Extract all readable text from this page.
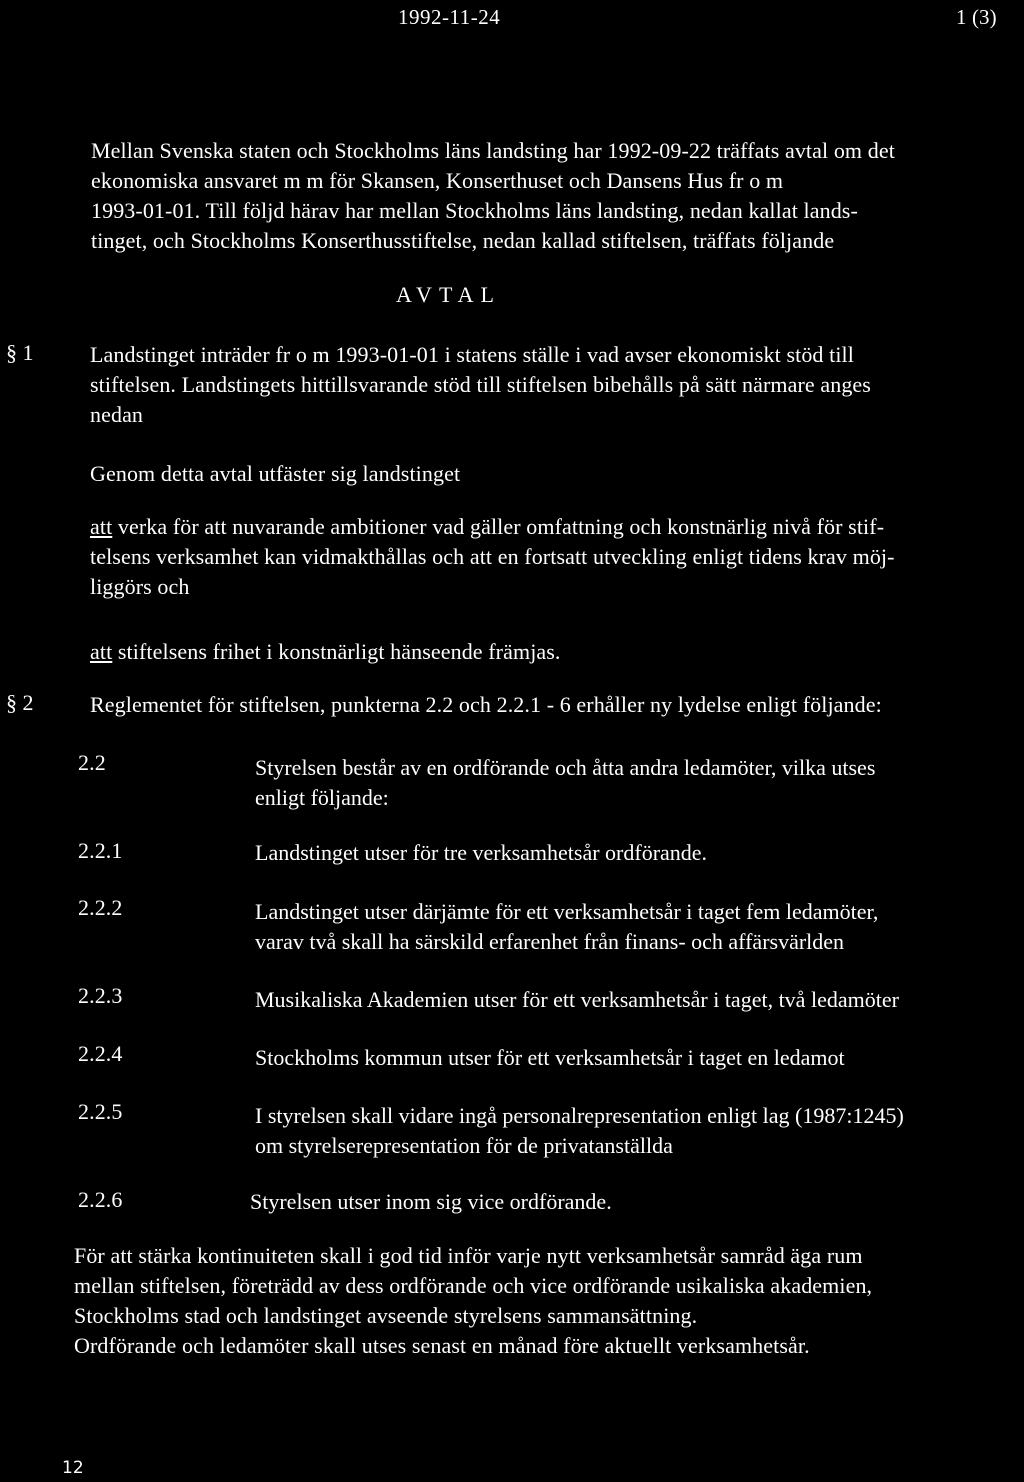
1992-11-24	1 (3)
Mellan Svenska staten och Stockholms läns landsting har 1992-09-22 träffats avtal om det
ekonomiska ansvaret m m för Skansen, Konserthuset och Dansens Hus fr o m
1993-01-01. Till följd härav har mellan Stockholms läns landsting, nedan kallat lands-
tinget, och Stockholms Konserthusstiftelse, nedan kallad stiftelsen, träffats följande
AVTAL
§ 1	Landstinget inträder fr o m 1993-01-01 i statens ställe i vad avser ekonomiskt stöd till
stiftelsen. Landstingets hittillsvarande stöd till stiftelsen bibehålls på sätt närmare anges
nedan
Genom detta avtal utfäster sig landstinget
att verka för att nuvarande ambitioner vad gäller omfattning och konstnärlig nivå för stif-
telsens verksamhet kan vidmakthållas och att en fortsatt utveckling enligt tidens krav möj-
liggörs och
att stiftelsens frihet i konstnärligt hänseende främjas.
§ 2	Reglementet för stiftelsen, punkterna 2.2 och 2.2.1 - 6 erhåller ny lydelse enligt följande:
2.2	Styrelsen består av en ordförande och åtta andra ledamöter, vilka utses
enligt följande:
2.2.1	Landstinget utser för tre verksamhetsår ordförande.
2.2.2	Landstinget utser därjämte för ett verksamhetsår i taget fem ledamöter,
varav två skall ha särskild erfarenhet från finans- och affärsvärlden
2.2.3	Musikaliska Akademien utser för ett verksamhetsår i taget, två ledamöter
2.2.4	Stockholms kommun utser för ett verksamhetsår i taget en ledamot
2.2.5	I styrelsen skall vidare ingå personalrepresentation enligt lag (1987:1245)
om styrelserepresentation för de privatanställda
2.2.6	Styrelsen utser inom sig vice ordförande.
För att stärka kontinuiteten skall i god tid inför varje nytt verksamhetsår samråd äga rum
mellan stiftelsen, företrädd av dess ordförande och vice ordförande usikaliska akademien,
Stockholms stad och landstinget avseende styrelsens sammansättning.
Ordförande och ledamöter skall utses senast en månad före aktuellt verksamhetsår.
12
